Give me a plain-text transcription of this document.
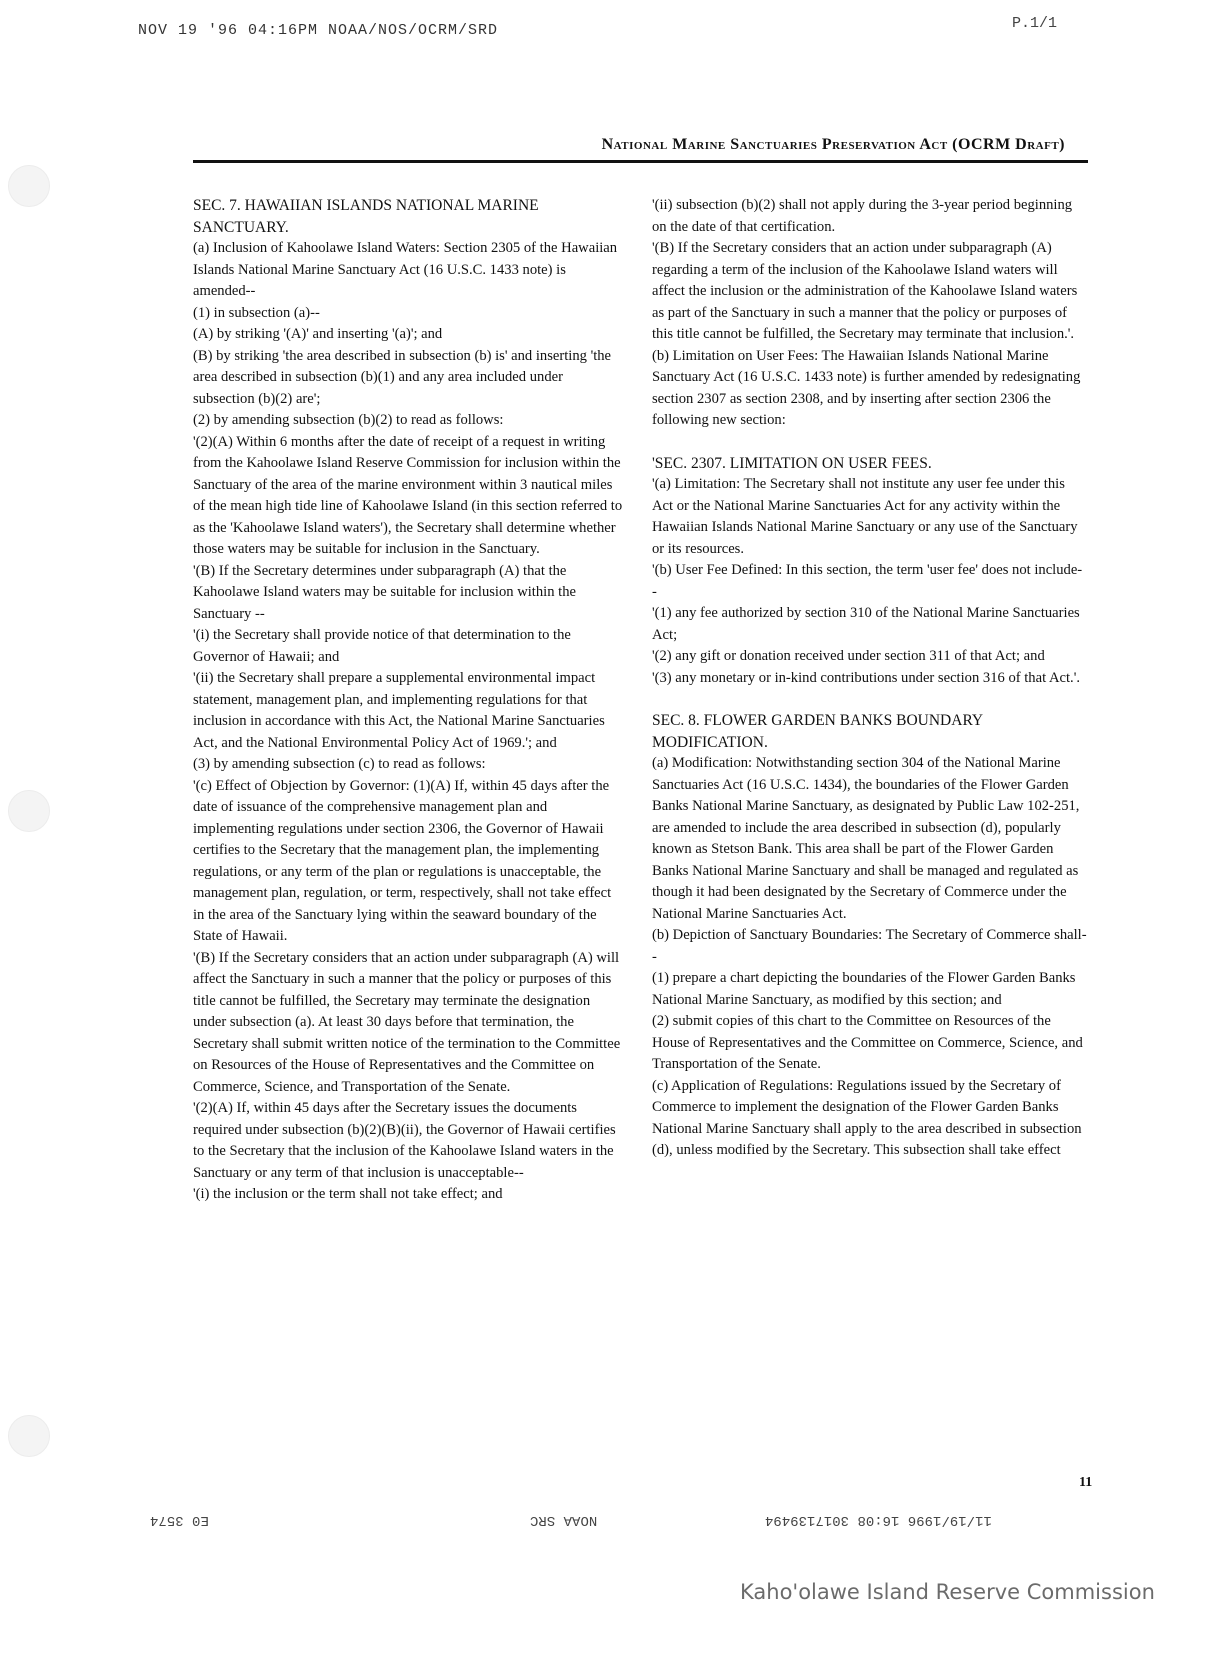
NOV 19 '96 04:16PM NOAA/NOS/OCRM/SRD	P.1/1
National Marine Sanctuaries Preservation Act (OCRM Draft)
SEC. 7. HAWAIIAN ISLANDS NATIONAL MARINE SANCTUARY.

(a) Inclusion of Kahoolawe Island Waters: Section 2305 of the Hawaiian Islands National Marine Sanctuary Act (16 U.S.C. 1433 note) is amended--

(1) in subsection (a)--

(A) by striking '(A)' and inserting '(a)'; and

(B) by striking 'the area described in subsection (b) is' and inserting 'the area described in subsection (b)(1) and any area included under subsection (b)(2) are';

(2) by amending subsection (b)(2) to read as follows:

'(2)(A) Within 6 months after the date of receipt of a request in writing from the Kahoolawe Island Reserve Commission for inclusion within the Sanctuary of the area of the marine environment within 3 nautical miles of the mean high tide line of Kahoolawe Island (in this section referred to as the 'Kahoolawe Island waters'), the Secretary shall determine whether those waters may be suitable for inclusion in the Sanctuary.

'(B) If the Secretary determines under subparagraph (A) that the Kahoolawe Island waters may be suitable for inclusion within the Sanctuary --

'(i) the Secretary shall provide notice of that determination to the Governor of Hawaii; and

'(ii) the Secretary shall prepare a supplemental environmental impact statement, management plan, and implementing regulations for that inclusion in accordance with this Act, the National Marine Sanctuaries Act, and the National Environmental Policy Act of 1969.'; and

(3) by amending subsection (c) to read as follows:

'(c) Effect of Objection by Governor: (1)(A) If, within 45 days after the date of issuance of the comprehensive management plan and implementing regulations under section 2306, the Governor of Hawaii certifies to the Secretary that the management plan, the implementing regulations, or any term of the plan or regulations is unacceptable, the management plan, regulation, or term, respectively, shall not take effect in the area of the Sanctuary lying within the seaward boundary of the State of Hawaii.

'(B) If the Secretary considers that an action under subparagraph (A) will affect the Sanctuary in such a manner that the policy or purposes of this title cannot be fulfilled, the Secretary may terminate the designation under subsection (a). At least 30 days before that termination, the Secretary shall submit written notice of the termination to the Committee on Resources of the House of Representatives and the Committee on Commerce, Science, and Transportation of the Senate.

'(2)(A) If, within 45 days after the Secretary issues the documents required under subsection (b)(2)(B)(ii), the Governor of Hawaii certifies to the Secretary that the inclusion of the Kahoolawe Island waters in the Sanctuary or any term of that inclusion is unacceptable--

'(i) the inclusion or the term shall not take effect; and

'(ii) subsection (b)(2) shall not apply during the 3-year period beginning on the date of that certification.

'(B) If the Secretary considers that an action under subparagraph (A) regarding a term of the inclusion of the Kahoolawe Island waters will affect the inclusion or the administration of the Kahoolawe Island waters as part of the Sanctuary in such a manner that the policy or purposes of this title cannot be fulfilled, the Secretary may terminate that inclusion.'.

(b) Limitation on User Fees: The Hawaiian Islands National Marine Sanctuary Act (16 U.S.C. 1433 note) is further amended by redesignating section 2307 as section 2308, and by inserting after section 2306 the following new section:

'SEC. 2307. LIMITATION ON USER FEES.

'(a) Limitation: The Secretary shall not institute any user fee under this Act or the National Marine Sanctuaries Act for any activity within the Hawaiian Islands National Marine Sanctuary or any use of the Sanctuary or its resources.

'(b) User Fee Defined: In this section, the term 'user fee' does not include--

'(1) any fee authorized by section 310 of the National Marine Sanctuaries Act;

'(2) any gift or donation received under section 311 of that Act; and

'(3) any monetary or in-kind contributions under section 316 of that Act.'.

SEC. 8. FLOWER GARDEN BANKS BOUNDARY MODIFICATION.

(a) Modification: Notwithstanding section 304 of the National Marine Sanctuaries Act (16 U.S.C. 1434), the boundaries of the Flower Garden Banks National Marine Sanctuary, as designated by Public Law 102-251, are amended to include the area described in subsection (d), popularly known as Stetson Bank. This area shall be part of the Flower Garden Banks National Marine Sanctuary and shall be managed and regulated as though it had been designated by the Secretary of Commerce under the National Marine Sanctuaries Act.

(b) Depiction of Sanctuary Boundaries: The Secretary of Commerce shall--

(1) prepare a chart depicting the boundaries of the Flower Garden Banks National Marine Sanctuary, as modified by this section; and

(2) submit copies of this chart to the Committee on Resources of the House of Representatives and the Committee on Commerce, Science, and Transportation of the Senate.

(c) Application of Regulations: Regulations issued by the Secretary of Commerce to implement the designation of the Flower Garden Banks National Marine Sanctuary shall apply to the area described in subsection (d), unless modified by the Secretary. This subsection shall take effect

11
E0 3574	NOAA SRC	11/19/1996 16:08 3017139494
Kaho'olawe Island Reserve Commission
